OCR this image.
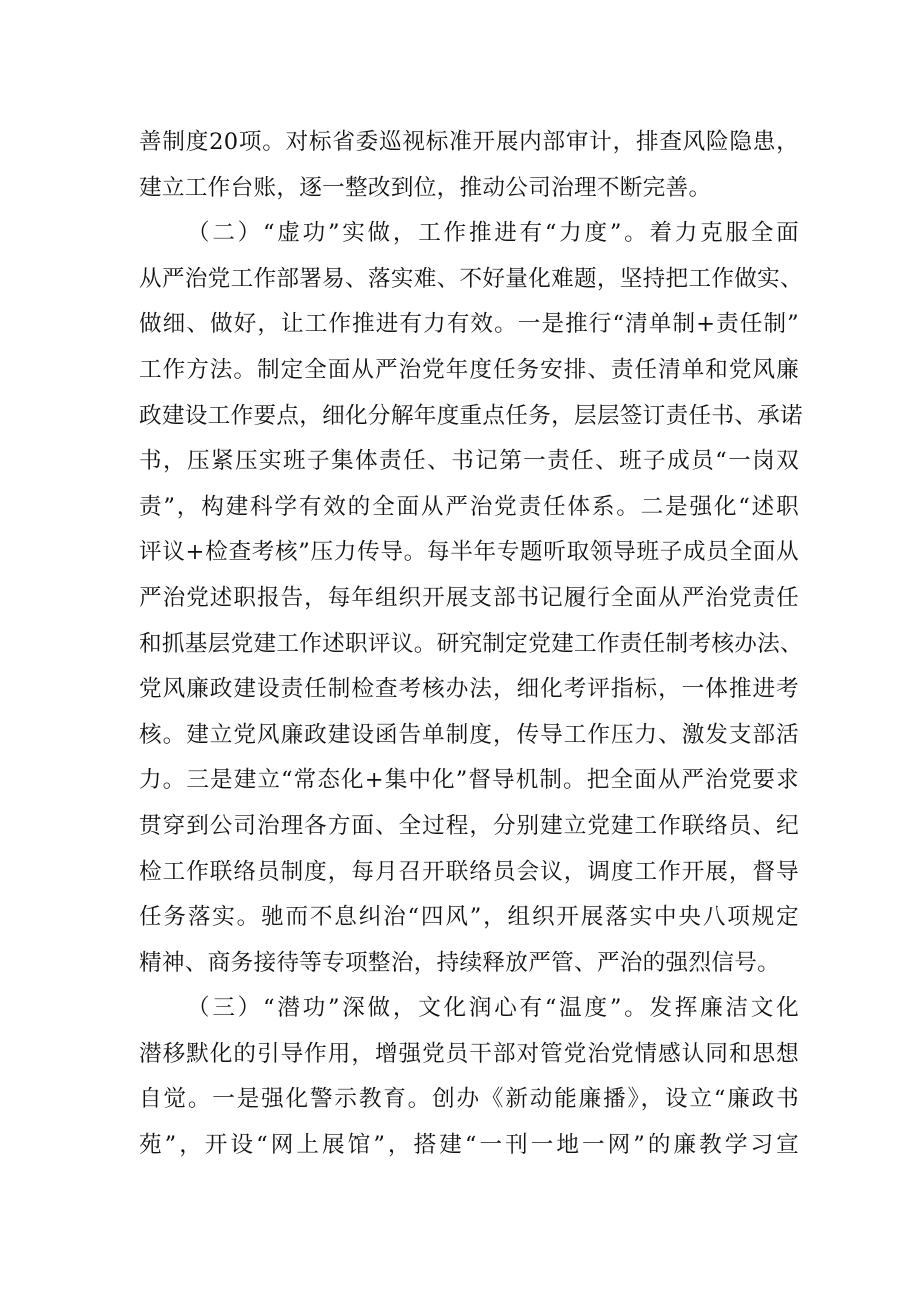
善制度20项。对标省委巡视标准开展内部审计，排查风险隐患，
建立工作台账，逐一整改到位，推动公司治理不断完善。
（二）“虚功”实做，工作推进有“力度”。着力克服全面
从严治党工作部署易、落实难、不好量化难题，坚持把工作做实、
做细、做好，让工作推进有力有效。一是推行“清单制+责任制”
工作方法。制定全面从严治党年度任务安排、责任清单和党风廉
政建设工作要点，细化分解年度重点任务，层层签订责任书、承诺
书，压紧压实班子集体责任、书记第一责任、班子成员“一岗双
责”，构建科学有效的全面从严治党责任体系。二是强化“述职
评议+检查考核”压力传导。每半年专题听取领导班子成员全面从
严治党述职报告，每年组织开展支部书记履行全面从严治党责任
和抓基层党建工作述职评议。研究制定党建工作责任制考核办法、
党风廉政建设责任制检查考核办法，细化考评指标，一体推进考
核。建立党风廉政建设函告单制度，传导工作压力、激发支部活
力。三是建立“常态化+集中化”督导机制。把全面从严治党要求
贯穿到公司治理各方面、全过程，分别建立党建工作联络员、纪
检工作联络员制度，每月召开联络员会议，调度工作开展，督导
任务落实。驰而不息纠治“四风”，组织开展落实中央八项规定
精神、商务接待等专项整治，持续释放严管、严治的强烈信号。
（三）“潜功”深做，文化润心有“温度”。发挥廉洁文化
潜移默化的引导作用，增强党员干部对管党治党情感认同和思想
自觉。一是强化警示教育。创办《新动能廉播》，设立“廉政书
苑”，开设“网上展馆”，搭建“一刊一地一网”的廉教学习宣
